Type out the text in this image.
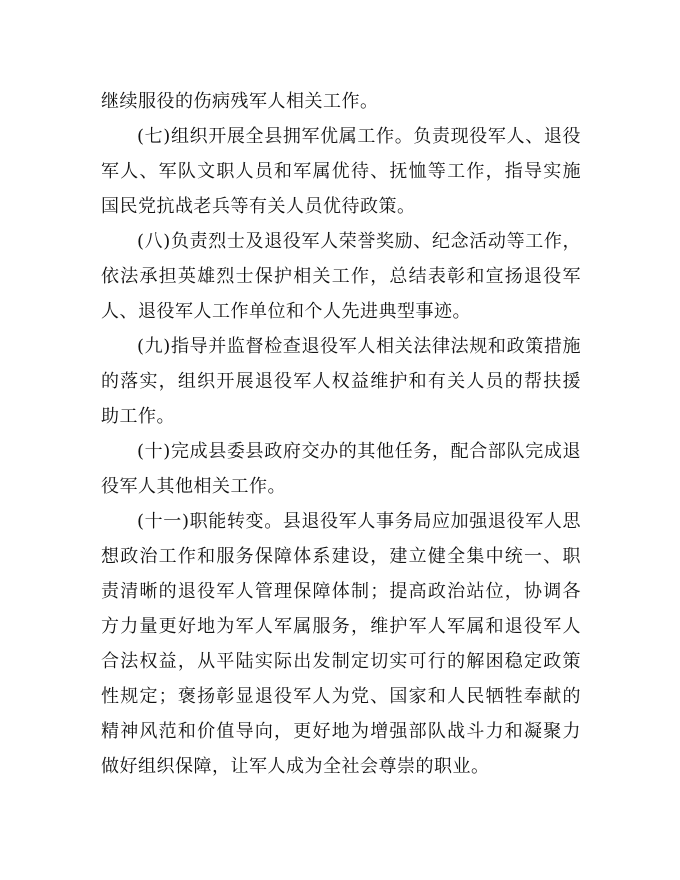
继续服役的伤病残军人相关工作。

(七)组织开展全县拥军优属工作。负责现役军人、退役军人、军队文职人员和军属优待、抚恤等工作，指导实施国民党抗战老兵等有关人员优待政策。

(八)负责烈士及退役军人荣誉奖励、纪念活动等工作，依法承担英雄烈士保护相关工作，总结表彰和宣扬退役军人、退役军人工作单位和个人先进典型事迹。

(九)指导并监督检查退役军人相关法律法规和政策措施的落实，组织开展退役军人权益维护和有关人员的帮扶援助工作。

(十)完成县委县政府交办的其他任务，配合部队完成退役军人其他相关工作。

(十一)职能转变。县退役军人事务局应加强退役军人思想政治工作和服务保障体系建设，建立健全集中统一、职责清晰的退役军人管理保障体制；提高政治站位，协调各方力量更好地为军人军属服务，维护军人军属和退役军人合法权益，从平陆实际出发制定切实可行的解困稳定政策性规定；褒扬彰显退役军人为党、国家和人民牺牲奉献的精神风范和价值导向，更好地为增强部队战斗力和凝聚力做好组织保障，让军人成为全社会尊崇的职业。
